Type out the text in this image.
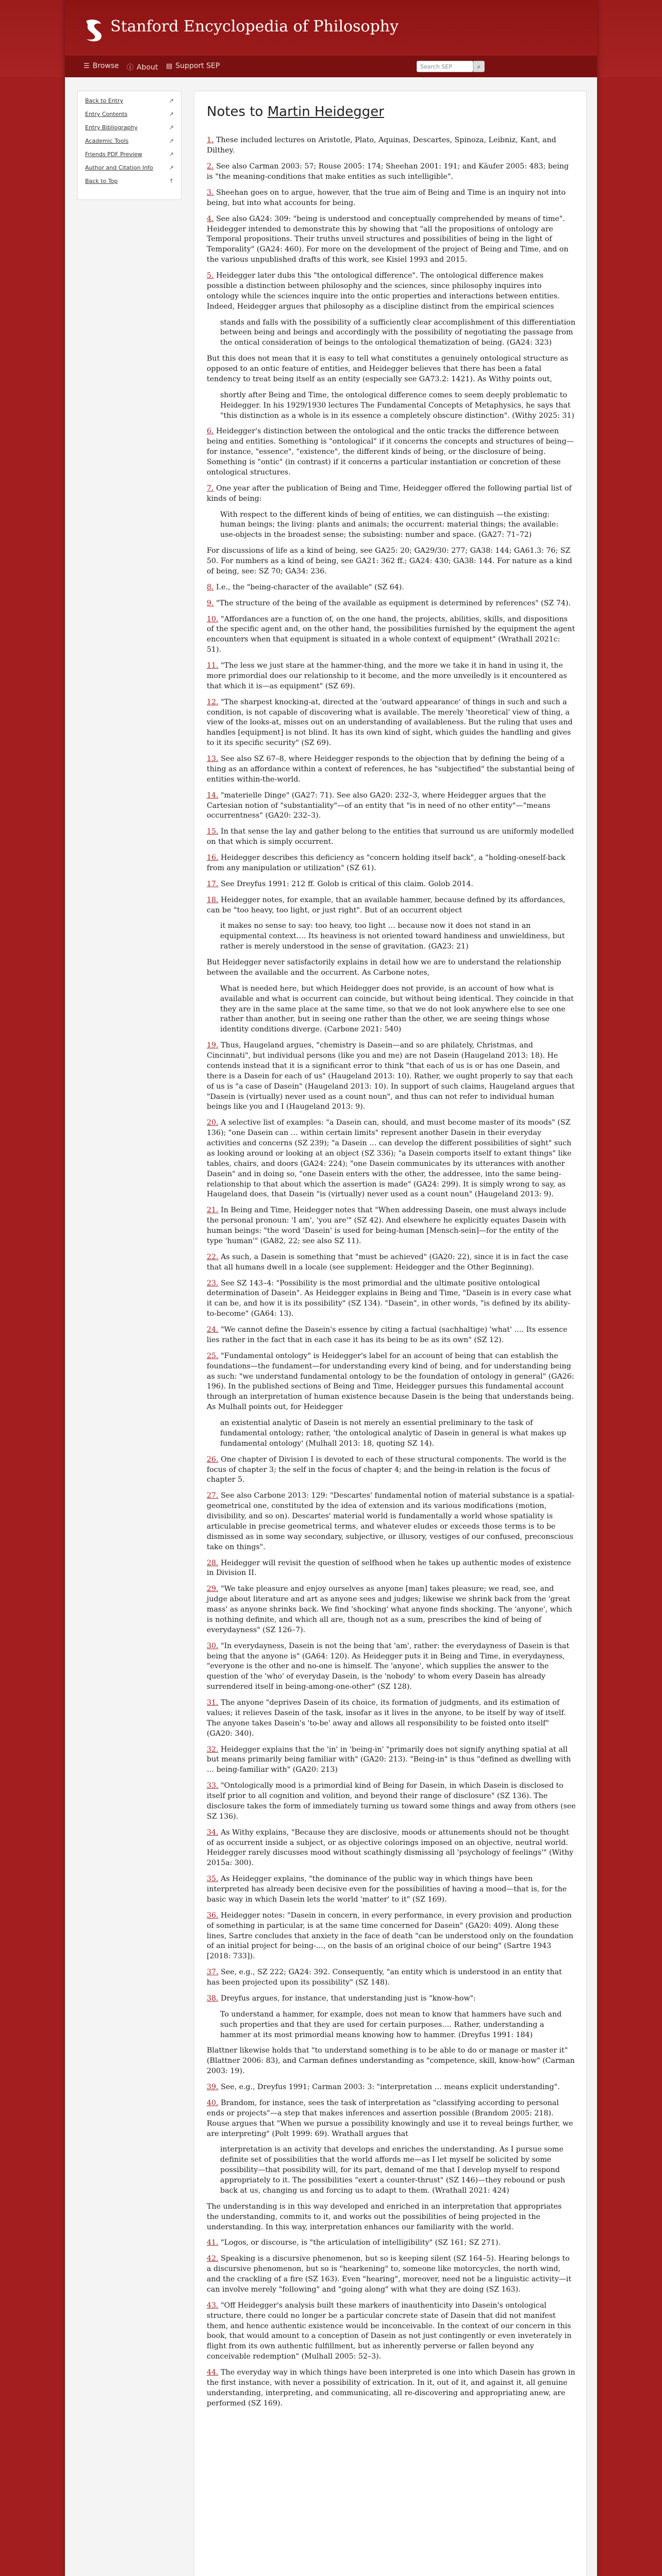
Stanford Encyclopedia of Philosophy
☰ Browse ⓘ About ▤ Support SEP	Search SEP	⌕
Back to Entry	↗
Entry Contents	↗
Entry Bibliography	↗
Academic Tools	↗
Friends PDF Preview	↗
Author and Citation Info	↗
Back to Top	↑
Notes to Martin Heidegger

1. These included lectures on Aristotle, Plato, Aquinas, Descartes, Spinoza, Leibniz, Kant, and Dilthey.

2. See also Carman 2003: 57; Rouse 2005: 174; Sheehan 2001: 191; and Käufer 2005: 483; being is "the meaning-conditions that make entities as such intelligible".

3. Sheehan goes on to argue, however, that the true aim of Being and Time is an inquiry not into being, but into what accounts for being.

4. See also GA24: 309: "being is understood and conceptually comprehended by means of time". Heidegger intended to demonstrate this by showing that "all the propositions of ontology are Temporal propositions. Their truths unveil structures and possibilities of being in the light of Temporality" (GA24: 460). For more on the development of the project of Being and Time, and on the various unpublished drafts of this work, see Kisiel 1993 and 2015.

5. Heidegger later dubs this "the ontological difference". The ontological difference makes possible a distinction between philosophy and the sciences, since philosophy inquires into ontology while the sciences inquire into the ontic properties and interactions between entities. Indeed, Heidegger argues that philosophy as a discipline distinct from the empirical sciences

stands and falls with the possibility of a sufficiently clear accomplishment of this differentiation between being and beings and accordingly with the possibility of negotiating the passage from the ontical consideration of beings to the ontological thematization of being. (GA24: 323)

But this does not mean that it is easy to tell what constitutes a genuinely ontological structure as opposed to an ontic feature of entities, and Heidegger believes that there has been a fatal tendency to treat being itself as an entity (especially see GA73.2: 1421). As Withy points out,

shortly after Being and Time, the ontological difference comes to seem deeply problematic to Heidegger. In his 1929/1930 lectures The Fundamental Concepts of Metaphysics, he says that "this distinction as a whole is in its essence a completely obscure distinction". (Withy 2025: 31)

6. Heidegger's distinction between the ontological and the ontic tracks the difference between being and entities. Something is "ontological" if it concerns the concepts and structures of being—for instance, "essence", "existence", the different kinds of being, or the disclosure of being. Something is "ontic" (in contrast) if it concerns a particular instantiation or concretion of these ontological structures.

7. One year after the publication of Being and Time, Heidegger offered the following partial list of kinds of being:

With respect to the different kinds of being of entities, we can distinguish —the existing: human beings; the living: plants and animals; the occurrent: material things; the available: use-objects in the broadest sense; the subsisting: number and space. (GA27: 71–72)

For discussions of life as a kind of being, see GA25: 20; GA29/30: 277; GA38: 144; GA61.3: 76; SZ 50. For numbers as a kind of being, see GA21: 362 ff.; GA24: 430; GA38: 144. For nature as a kind of being, see: SZ 70; GA34: 236.

8. I.e., the "being-character of the available" (SZ 64).

9. "The structure of the being of the available as equipment is determined by references" (SZ 74).

10. "Affordances are a function of, on the one hand, the projects, abilities, skills, and dispositions of the specific agent and, on the other hand, the possibilities furnished by the equipment the agent encounters when that equipment is situated in a whole context of equipment" (Wrathall 2021c: 51).

11. "The less we just stare at the hammer-thing, and the more we take it in hand in using it, the more primordial does our relationship to it become, and the more unveiledly is it encountered as that which it is—as equipment" (SZ 69).

12. "The sharpest knocking-at, directed at the 'outward appearance' of things in such and such a condition, is not capable of discovering what is available. The merely 'theoretical' view of thing, a view of the looks-at, misses out on an understanding of availableness. But the ruling that uses and handles [equipment] is not blind. It has its own kind of sight, which guides the handling and gives to it its specific security" (SZ 69).

13. See also SZ 67–8, where Heidegger responds to the objection that by defining the being of a thing as an affordance within a context of references, he has "subjectified" the substantial being of entities within-the-world.

14. "materielle Dinge" (GA27: 71). See also GA20: 232–3, where Heidegger argues that the Cartesian notion of "substantiality"—of an entity that "is in need of no other entity"—"means occurrentness" (GA20: 232–3).

15. In that sense the lay and gather belong to the entities that surround us are uniformly modelled on that which is simply occurrent.

16. Heidegger describes this deficiency as "concern holding itself back", a "holding-oneself-back from any manipulation or utilization" (SZ 61).

17. See Dreyfus 1991: 212 ff. Golob is critical of this claim. Golob 2014.

18. Heidegger notes, for example, that an available hammer, because defined by its affordances, can be "too heavy, too light, or just right". But of an occurrent object

it makes no sense to say: too heavy, too light … because now it does not stand in an equipmental context…. Its heaviness is not oriented toward handiness and unwieldiness, but rather is merely understood in the sense of gravitation. (GA23: 21)

But Heidegger never satisfactorily explains in detail how we are to understand the relationship between the available and the occurrent. As Carbone notes,

What is needed here, but which Heidegger does not provide, is an account of how what is available and what is occurrent can coincide, but without being identical. They coincide in that they are in the same place at the same time, so that we do not look anywhere else to see one rather than another, but in seeing one rather than the other, we are seeing things whose identity conditions diverge. (Carbone 2021: 540)

19. Thus, Haugeland argues, "chemistry is Dasein—and so are philately, Christmas, and Cincinnati", but individual persons (like you and me) are not Dasein (Haugeland 2013: 18). He contends instead that it is a significant error to think "that each of us is or has one Dasein, and there is a Dasein for each of us" (Haugeland 2013: 10). Rather, we ought properly to say that each of us is "a case of Dasein" (Haugeland 2013: 10). In support of such claims, Haugeland argues that "Dasein is (virtually) never used as a count noun", and thus can not refer to individual human beings like you and I (Haugeland 2013: 9).

20. A selective list of examples: "a Dasein can, should, and must become master of its moods" (SZ 136); "one Dasein can … within certain limits" represent another Dasein in their everyday activities and concerns (SZ 239); "a Dasein … can develop the different possibilities of sight" such as looking around or looking at an object (SZ 336); "a Dasein comports itself to extant things" like tables, chairs, and doors (GA24: 224); "one Dasein communicates by its utterances with another Dasein" and in doing so, "one Dasein enters with the other, the addressee, into the same being-relationship to that about which the assertion is made" (GA24: 299). It is simply wrong to say, as Haugeland does, that Dasein "is (virtually) never used as a count noun" (Haugeland 2013: 9).

21. In Being and Time, Heidegger notes that "When addressing Dasein, one must always include the personal pronoun: 'I am', 'you are'" (SZ 42). And elsewhere he explicitly equates Dasein with human beings: "the word 'Dasein' is used for being-human [Mensch-sein]—for the entity of the type 'human'" (GA82, 22; see also SZ 11).

22. As such, a Dasein is something that "must be achieved" (GA20: 22), since it is in fact the case that all humans dwell in a locale (see supplement: Heidegger and the Other Beginning).

23. See SZ 143–4: "Possibility is the most primordial and the ultimate positive ontological determination of Dasein". As Heidegger explains in Being and Time, "Dasein is in every case what it can be, and how it is its possibility" (SZ 134). "Dasein", in other words, "is defined by its ability-to-become" (GA64: 13).

24. "We cannot define the Dasein's essence by citing a factual (sachhaltige) 'what' …. Its essence lies rather in the fact that in each case it has its being to be as its own" (SZ 12).

25. "Fundamental ontology" is Heidegger's label for an account of being that can establish the foundations—the fundament—for understanding every kind of being, and for understanding being as such: "we understand fundamental ontology to be the foundation of ontology in general" (GA26: 196). In the published sections of Being and Time, Heidegger pursues this fundamental account through an interpretation of human existence because Dasein is the being that understands being. As Mulhall points out, for Heidegger

an existential analytic of Dasein is not merely an essential preliminary to the task of fundamental ontology; rather, 'the ontological analytic of Dasein in general is what makes up fundamental ontology' (Mulhall 2013: 18, quoting SZ 14).

26. One chapter of Division I is devoted to each of these structural components. The world is the focus of chapter 3; the self in the focus of chapter 4; and the being-in relation is the focus of chapter 5.

27. See also Carbone 2013: 129: "Descartes' fundamental notion of material substance is a spatial-geometrical one, constituted by the idea of extension and its various modifications (motion, divisibility, and so on). Descartes' material world is fundamentally a world whose spatiality is articulable in precise geometrical terms, and whatever eludes or exceeds those terms is to be dismissed as in some way secondary, subjective, or illusory, vestiges of our confused, preconscious take on things".

28. Heidegger will revisit the question of selfhood when he takes up authentic modes of existence in Division II.

29. "We take pleasure and enjoy ourselves as anyone [man] takes pleasure; we read, see, and judge about literature and art as anyone sees and judges; likewise we shrink back from the 'great mass' as anyone shrinks back. We find 'shocking' what anyone finds shocking. The 'anyone', which is nothing definite, and which all are, though not as a sum, prescribes the kind of being of everydayness" (SZ 126–7).

30. "In everydayness, Dasein is not the being that 'am', rather: the everydayness of Dasein is that being that the anyone is" (GA64: 120). As Heidegger puts it in Being and Time, in everydayness, "everyone is the other and no-one is himself. The 'anyone', which supplies the answer to the question of the 'who' of everyday Dasein, is the 'nobody' to whom every Dasein has already surrendered itself in being-among-one-other" (SZ 128).

31. The anyone "deprives Dasein of its choice, its formation of judgments, and its estimation of values; it relieves Dasein of the task, insofar as it lives in the anyone, to be itself by way of itself. The anyone takes Dasein's 'to-be' away and allows all responsibility to be foisted onto itself" (GA20: 340).

32. Heidegger explains that the 'in' in 'being-in' "primarily does not signify anything spatial at all but means primarily being familiar with" (GA20: 213). "Being-in" is thus "defined as dwelling with … being-familiar with" (GA20: 213)

33. "Ontologically mood is a primordial kind of Being for Dasein, in which Dasein is disclosed to itself prior to all cognition and volition, and beyond their range of disclosure" (SZ 136). The disclosure takes the form of immediately turning us toward some things and away from others (see SZ 136).

34. As Withy explains, "Because they are disclosive, moods or attunements should not be thought of as occurrent inside a subject, or as objective colorings imposed on an objective, neutral world. Heidegger rarely discusses mood without scathingly dismissing all 'psychology of feelings'" (Withy 2015a: 300).

35. As Heidegger explains, "the dominance of the public way in which things have been interpreted has already been decisive even for the possibilities of having a mood—that is, for the basic way in which Dasein lets the world 'matter' to it" (SZ 169).

36. Heidegger notes: "Dasein in concern, in every performance, in every provision and production of something in particular, is at the same time concerned for Dasein" (GA20: 409). Along these lines, Sartre concludes that anxiety in the face of death "can be understood only on the foundation of an initial project for being-…, on the basis of an original choice of our being" (Sartre 1943 [2018: 733]).

37. See, e.g., SZ 222; GA24: 392. Consequently, "an entity which is understood in an entity that has been projected upon its possibility" (SZ 148).

38. Dreyfus argues, for instance, that understanding just is "know-how":

To understand a hammer, for example, does not mean to know that hammers have such and such properties and that they are used for certain purposes…. Rather, understanding a hammer at its most primordial means knowing how to hammer. (Dreyfus 1991: 184)

Blattner likewise holds that "to understand something is to be able to do or manage or master it" (Blattner 2006: 83), and Carman defines understanding as "competence, skill, know-how" (Carman 2003: 19).

39. See, e.g., Dreyfus 1991; Carman 2003: 3: "interpretation … means explicit understanding".

40. Brandom, for instance, sees the task of interpretation as "classifying according to personal ends or projects"—a step that makes inferences and assertion possible (Brandom 2005: 218). Rouse argues that "When we pursue a possibility knowingly and use it to reveal beings further, we are interpreting" (Polt 1999: 69). Wrathall argues that

interpretation is an activity that develops and enriches the understanding. As I pursue some definite set of possibilities that the world affords me—as I let myself be solicited by some possibility—that possibility will, for its part, demand of me that I develop myself to respond appropriately to it. The possibilities "exert a counter-thrust" (SZ 146)—they rebound or push back at us, changing us and forcing us to adapt to them. (Wrathall 2021: 424)

The understanding is in this way developed and enriched in an interpretation that appropriates the understanding, commits to it, and works out the possibilities of being projected in the understanding. In this way, interpretation enhances our familiarity with the world.

41. "Logos, or discourse, is "the articulation of intelligibility" (SZ 161; SZ 271).

42. Speaking is a discursive phenomenon, but so is keeping silent (SZ 164–5). Hearing belongs to a discursive phenomenon, but so is "hearkening" to, someone like motorcycles, the north wind, and the crackling of a fire (SZ 163). Even "hearing", moreover, need not be a linguistic activity—it can involve merely "following" and "going along" with what they are doing (SZ 163).

43. "Off Heidegger's analysis built these markers of inauthenticity into Dasein's ontological structure, there could no longer be a particular concrete state of Dasein that did not manifest them, and hence authentic existence would be inconceivable. In the context of our concern in this book, that would amount to a conception of Dasein as not just contingently or even inveterately in flight from its own authentic fulfillment, but as inherently perverse or fallen beyond any conceivable redemption" (Mulhall 2005: 52–3).

44. The everyday way in which things have been interpreted is one into which Dasein has grown in the first instance, with never a possibility of extrication. In it, out of it, and against it, all genuine understanding, interpreting, and communicating, all re-discovering and appropriating anew, are performed (SZ 169).
